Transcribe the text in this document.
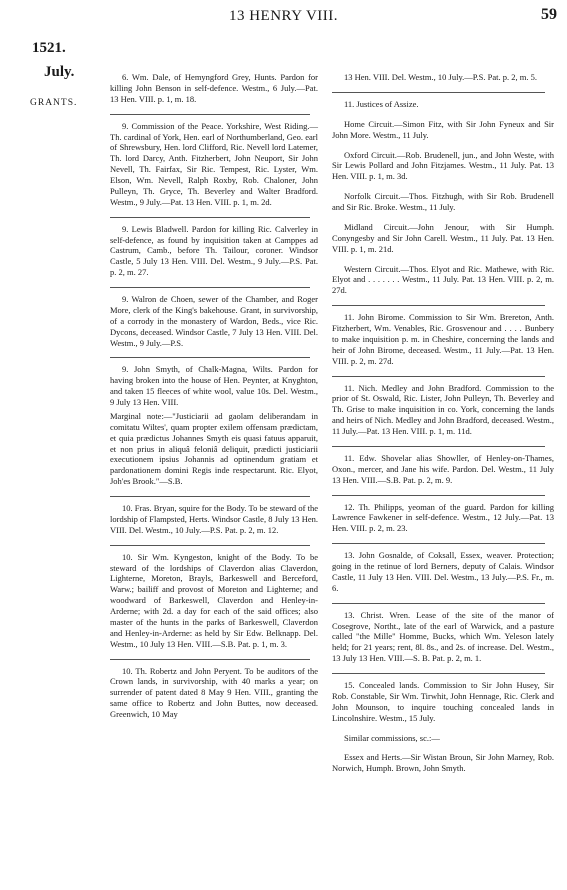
13 HENRY VIII.	59
1521.
July.
GRANTS.

6. Wm. Dale, of Hemyngford Grey, Hunts. Pardon for killing John Benson in self-defence. Westm., 6 July.—Pat. 13 Hen. VIII. p. 1, m. 18.

9. Commission of the Peace. Yorkshire, West Riding.—Th. cardinal of York, Hen. earl of Northumberland, Geo. earl of Shrewsbury, Hen. lord Clifford, Ric. Nevell lord Latemer, Th. lord Darcy, Anth. Fitzherbert, John Neuport, Sir John Nevell, Th. Fairfax, Sir Ric. Tempest, Ric. Lyster, Wm. Elson, Wm. Nevell, Ralph Roxby, Rob. Chaloner, John Pulleyn, Th. Gryce, Th. Beverley and Walter Bradford. Westm., 9 July.—Pat. 13 Hen. VIII. p. 1, m. 2d.

9. Lewis Bladwell. Pardon for killing Ric. Calverley in self-defence, as found by inquisition taken at Camppes ad Castrum, Camb., before Th. Tailour, coroner. Windsor Castle, 5 July 13 Hen. VIII. Del. Westm., 9 July.—P.S. Pat. p. 2, m. 27.

9. Walron de Choen, sewer of the Chamber, and Roger More, clerk of the King's bakehouse. Grant, in survivorship, of a corrody in the monastery of Wardon, Beds., vice Ric. Dycons, deceased. Windsor Castle, 7 July 13 Hen. VIII. Del. Westm., 9 July.—P.S.

9. John Smyth, of Chalk-Magna, Wilts. Pardon for having broken into the house of Hen. Peynter, at Knyghton, and taken 15 fleeces of white wool, value 10s. Del. Westm., 9 July 13 Hen. VIII.

Marginal note:—"Justiciarii ad gaolam deliberandam in comitatu Wiltes', quam propter exilem offensam prædictam, et quia prædictus Johannes Smyth eis quasi fatuus apparuit, et non prius in aliquâ feloniâ deliquit, prædicti justiciarii executionem ipsius Johannis ad optinendum gratiam et pardonationem domini Regis inde respectarunt. Ric. Elyot, Joh'es Brook."—S.B.

10. Fras. Bryan, squire for the Body. To be steward of the lordship of Flampsted, Herts. Windsor Castle, 8 July 13 Hen. VIII. Del. Westm., 10 July.—P.S. Pat. p. 2, m. 12.

10. Sir Wm. Kyngeston, knight of the Body. To be steward of the lordships of Claverdon alias Claverdon, Lighterne, Moreton, Brayls, Barkeswell and Berceford, Warw.; bailiff and provost of Moreton and Lighterne; and woodward of Barkeswell, Claverdon and Henley-in-Arderne; with 2d. a day for each of the said offices; also master of the hunts in the parks of Barkeswell, Claverdon and Henley-in-Arderne: as held by Sir Edw. Belknapp. Del. Westm., 10 July 13 Hen. VIII.—S.B. Pat. p. 1, m. 3.

10. Th. Robertz and John Peryent. To be auditors of the Crown lands, in survivorship, with 40 marks a year; on surrender of patent dated 8 May 9 Hen. VIII., granting the same office to Robertz and John Buttes, now deceased. Greenwich, 10 May

13 Hen. VIII. Del. Westm., 10 July.—P.S. Pat. p. 2, m. 5.

11. Justices of Assize.

Home Circuit.—Simon Fitz, with Sir John Fyneux and Sir John More. Westm., 11 July.

Oxford Circuit.—Rob. Brudenell, jun., and John Weste, with Sir Lewis Pollard and John Fitzjames. Westm., 11 July. Pat. 13 Hen. VIII. p. 1, m. 3d.

Norfolk Circuit.—Thos. Fitzhugh, with Sir Rob. Brudenell and Sir Ric. Broke. Westm., 11 July.

Midland Circuit.—John Jenour, with Sir Humph. Conyngesby and Sir John Carell. Westm., 11 July. Pat. 13 Hen. VIII. p. 1, m. 21d.

Western Circuit.—Thos. Elyot and Ric. Mathewe, with Ric. Elyot and . . . . . . . Westm., 11 July. Pat. 13 Hen. VIII. p. 2, m. 27d.

11. John Birome. Commission to Sir Wm. Brereton, Anth. Fitzherbert, Wm. Venables, Ric. Grosvenour and . . . . Bunbery to make inquisition p. m. in Cheshire, concerning the lands and heir of John Birome, deceased. Westm., 11 July.—Pat. 13 Hen. VIII. p. 2, m. 27d.

11. Nich. Medley and John Bradford. Commission to the prior of St. Oswald, Ric. Lister, John Pulleyn, Th. Beverley and Th. Grise to make inquisition in co. York, concerning the lands and heirs of Nich. Medley and John Bradford, deceased. Westm., 11 July.—Pat. 13 Hen. VIII. p. 1, m. 11d.

11. Edw. Shovelar alias Showller, of Henley-on-Thames, Oxon., mercer, and Jane his wife. Pardon. Del. Westm., 11 July 13 Hen. VIII.—S.B. Pat. p. 2, m. 9.

12. Th. Philipps, yeoman of the guard. Pardon for killing Lawrence Fawkener in self-defence. Westm., 12 July.—Pat. 13 Hen. VIII. p. 2, m. 23.

13. John Gosnalde, of Coksall, Essex, weaver. Protection; going in the retinue of lord Berners, deputy of Calais. Windsor Castle, 11 July 13 Hen. VIII. Del. Westm., 13 July.—P.S. Fr., m. 6.

13. Christ. Wren. Lease of the site of the manor of Cosegrove, Northt., late of the earl of Warwick, and a pasture called "the Mille" Homme, Bucks, which Wm. Yeleson lately held; for 21 years; rent, 8l. 8s., and 2s. of increase. Del. Westm., 13 July 13 Hen. VIII.—S. B. Pat. p. 2, m. 1.

15. Concealed lands. Commission to Sir John Husey, Sir Rob. Constable, Sir Wm. Tirwhit, John Hennage, Ric. Clerk and John Mounson, to inquire touching concealed lands in Lincolnshire. Westm., 15 July.

Similar commissions, sc.:—

Essex and Herts.—Sir Wistan Broun, Sir John Marney, Rob. Norwich, Humph. Brown, John Smyth.
